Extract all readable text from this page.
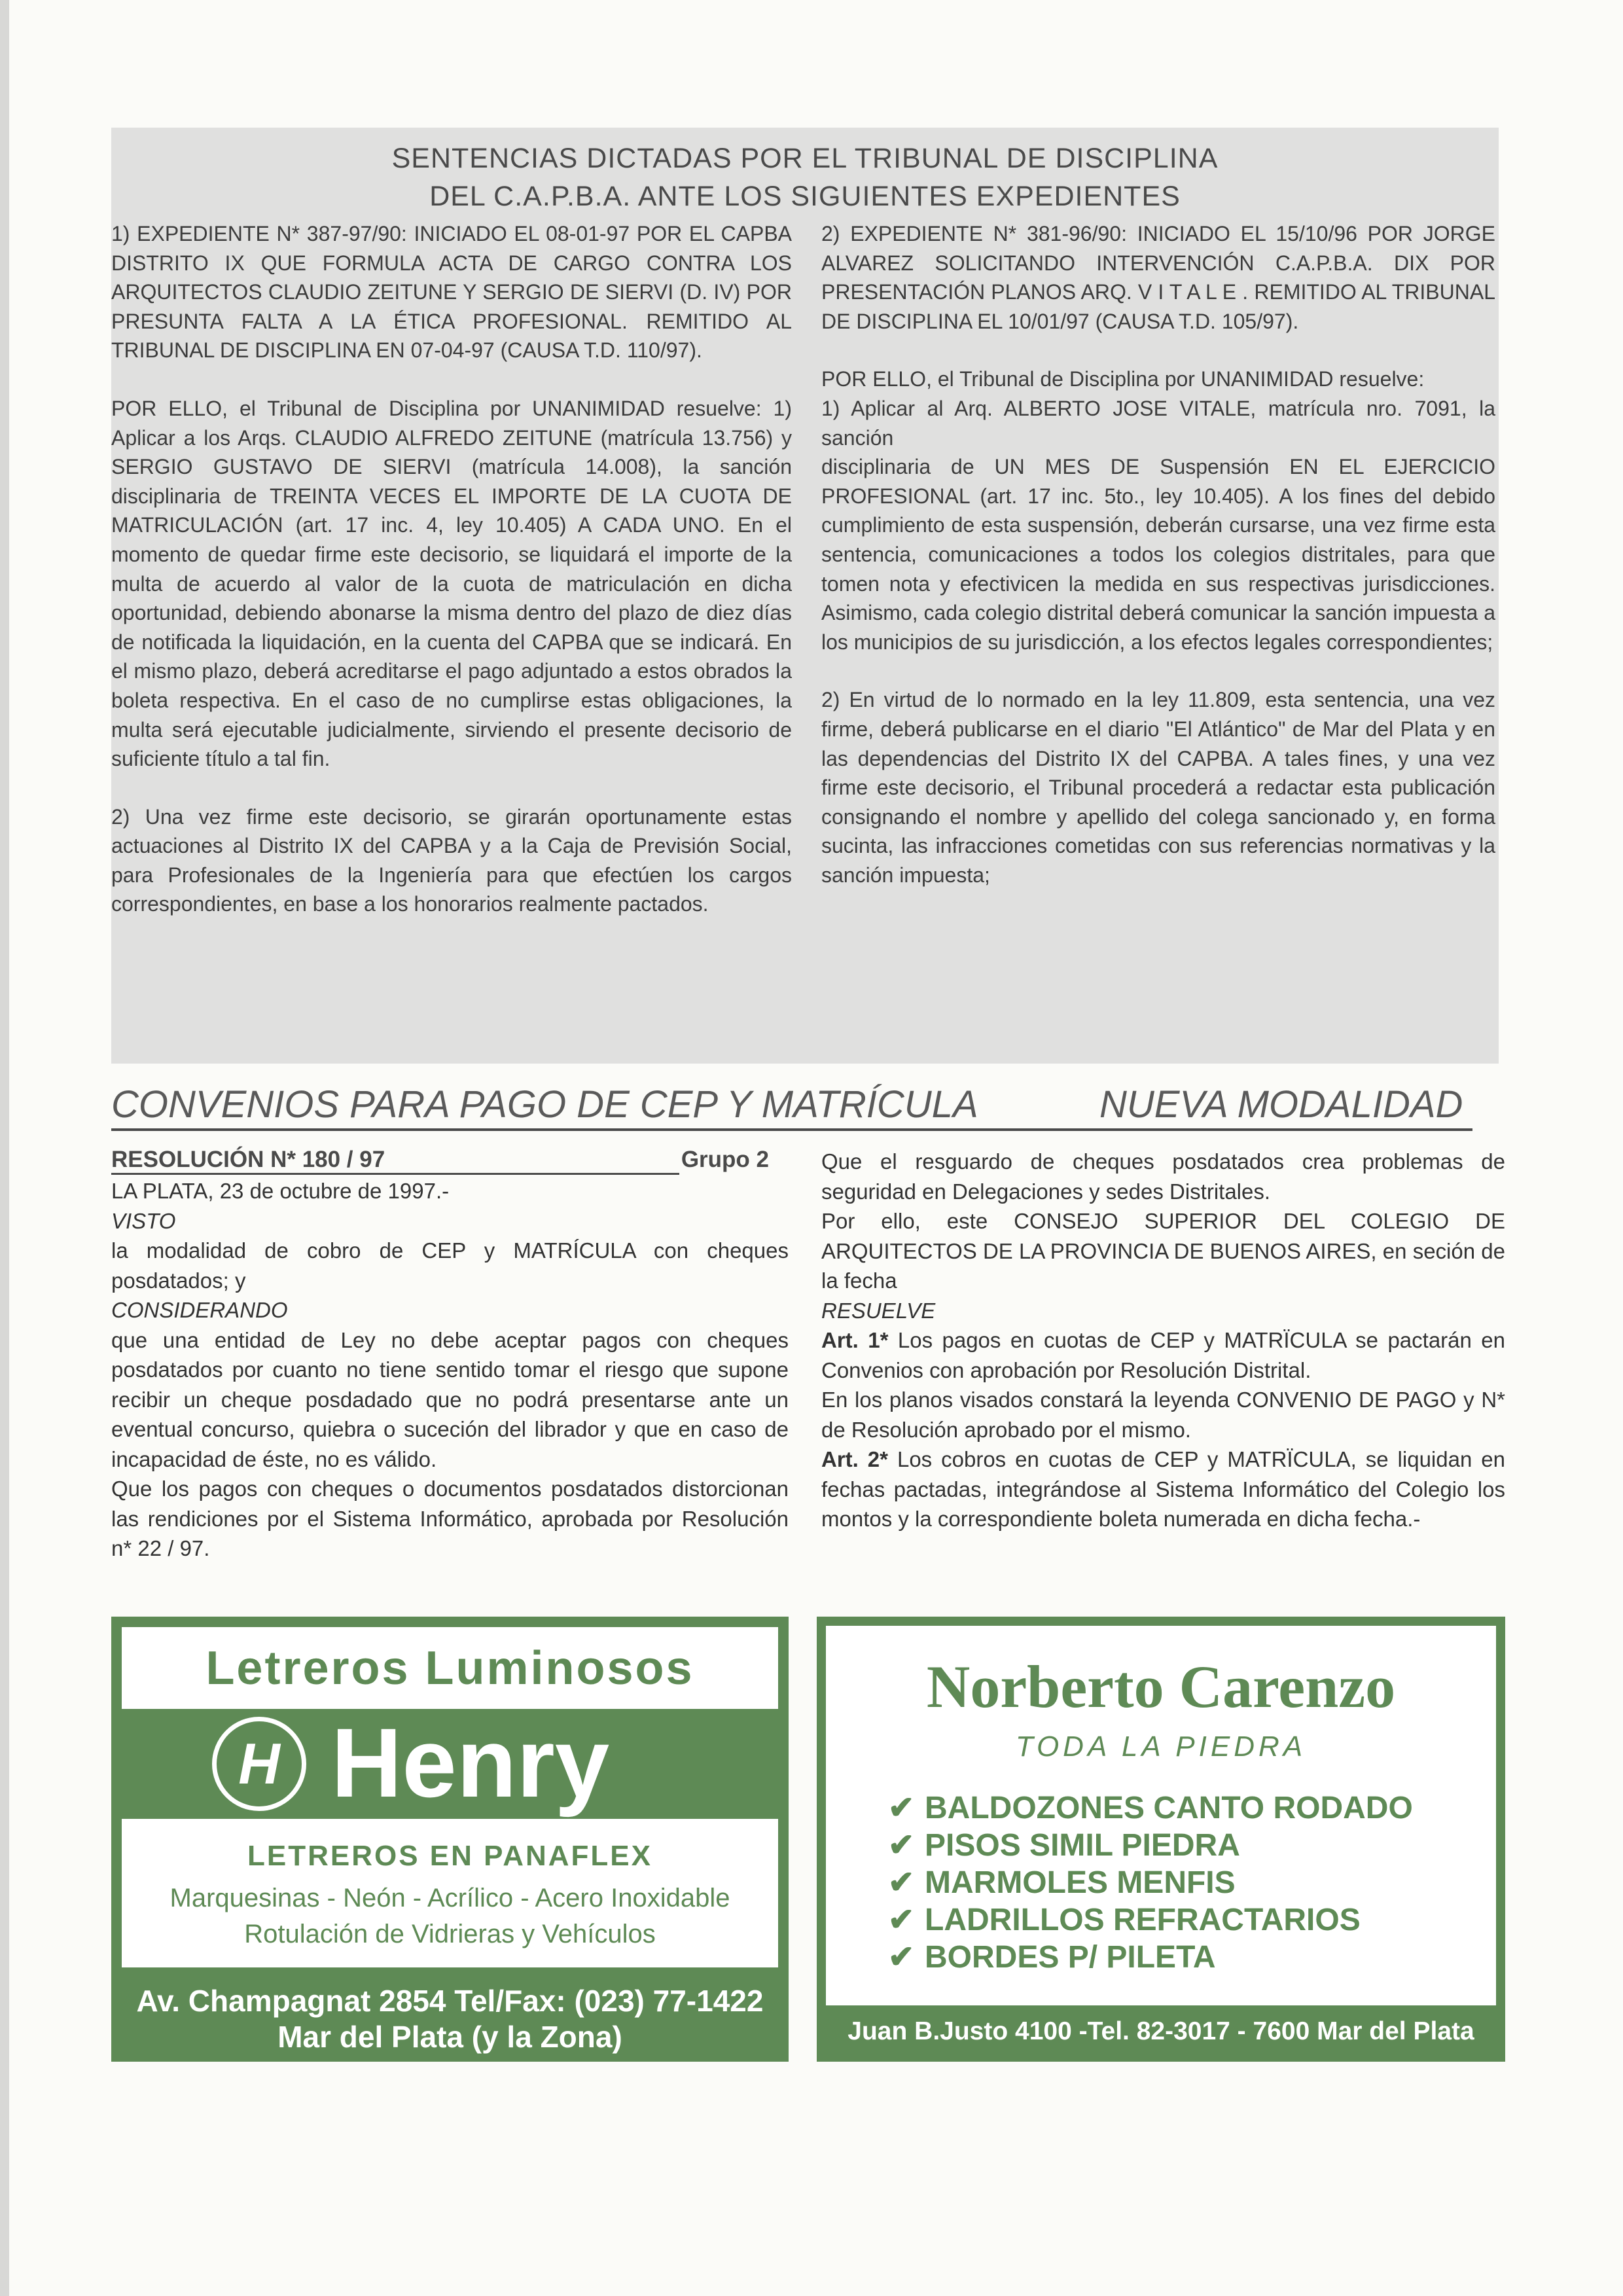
SENTENCIAS DICTADAS POR EL TRIBUNAL DE DISCIPLINA
DEL C.A.P.B.A. ANTE LOS SIGUIENTES EXPEDIENTES

1) EXPEDIENTE N* 387-97/90: INICIADO EL 08-01-97 POR EL CAPBA DISTRITO IX QUE FORMULA ACTA DE CARGO CONTRA LOS ARQUITECTOS CLAUDIO ZEITUNE Y SERGIO DE SIERVI (D. IV) POR PRESUNTA FALTA A LA ÉTICA PROFESIONAL. REMITIDO AL TRIBUNAL DE DISCIPLINA EN 07-04-97 (CAUSA T.D. 110/97).

POR ELLO, el Tribunal de Disciplina por UNANIMIDAD resuelve: 1) Aplicar a los Arqs. CLAUDIO ALFREDO ZEITUNE (matrícula 13.756) y SERGIO GUSTAVO DE SIERVI (matrícula 14.008), la sanción disciplinaria de TREINTA VECES EL IMPORTE DE LA CUOTA DE MATRICULACIÓN (art. 17 inc. 4, ley 10.405) A CADA UNO. En el momento de quedar firme este decisorio, se liquidará el importe de la multa de acuerdo al valor de la cuota de matriculación en dicha oportunidad, debiendo abonarse la misma dentro del plazo de diez días de notificada la liquidación, en la cuenta del CAPBA que se indicará. En el mismo plazo, deberá acreditarse el pago adjuntado a estos obrados la boleta respectiva. En el caso de no cumplirse estas obligaciones, la multa será ejecutable judicialmente, sirviendo el presente decisorio de suficiente título a tal fin.

2) Una vez firme este decisorio, se girarán oportunamente estas actuaciones al Distrito IX del CAPBA y a la Caja de Previsión Social, para Profesionales de la Ingeniería para que efectúen los cargos correspondientes, en base a los honorarios realmente pactados.

2) EXPEDIENTE N* 381-96/90: INICIADO EL 15/10/96 POR JORGE ALVAREZ SOLICITANDO INTERVENCIÓN C.A.P.B.A. DIX POR PRESENTACIÓN PLANOS ARQ. V I T A L E . REMITIDO AL TRIBUNAL DE DISCIPLINA EL 10/01/97 (CAUSA T.D. 105/97).

POR ELLO, el Tribunal de Disciplina por UNANIMIDAD resuelve:

1) Aplicar al Arq. ALBERTO JOSE VITALE, matrícula nro. 7091, la sanción

disciplinaria de UN MES DE Suspensión EN EL EJERCICIO PROFESIONAL (art. 17 inc. 5to., ley 10.405). A los fines del debido cumplimiento de esta suspensión, deberán cursarse, una vez firme esta sentencia, comunicaciones a todos los colegios distritales, para que tomen nota y efectivicen la medida en sus respectivas jurisdicciones. Asimismo, cada colegio distrital deberá comunicar la sanción impuesta a los municipios de su jurisdicción, a los efectos legales correspondientes;

2) En virtud de lo normado en la ley 11.809, esta sentencia, una vez firme, deberá publicarse en el diario "El Atlántico" de Mar del Plata y en las dependencias del Distrito IX del CAPBA. A tales fines, y una vez firme este decisorio, el Tribunal procederá a redactar esta publicación consignando el nombre y apellido del colega sancionado y, en forma sucinta, las infracciones cometidas con sus referencias normativas y la sanción impuesta;

CONVENIOS PARA PAGO DE CEP Y MATRÍCULA	NUEVA MODALIDAD
RESOLUCIÓN N* 180 / 97	Grupo 2
LA PLATA, 23 de octubre de 1997.-
VISTO
la modalidad de cobro de CEP y MATRÍCULA con cheques posdatados; y
CONSIDERANDO
que una entidad de Ley no debe aceptar pagos con cheques posdatados por cuanto no tiene sentido tomar el riesgo que supone recibir un cheque posdadado que no podrá presentarse ante un eventual concurso, quiebra o suceción del librador y que en caso de incapacidad de éste, no es válido.
Que los pagos con cheques o documentos posdatados distorcionan las rendiciones por el Sistema Informático, aprobada por Resolución n* 22 / 97.
Que el resguardo de cheques posdatados crea problemas de seguridad en Delegaciones y sedes Distritales.
Por ello, este CONSEJO SUPERIOR DEL COLEGIO DE ARQUITECTOS DE LA PROVINCIA DE BUENOS AIRES, en seción de la fecha
RESUELVE
Art. 1* Los pagos en cuotas de CEP y MATRÏCULA se pactarán en Convenios con aprobación por Resolución Distrital.
En los planos visados constará la leyenda CONVENIO DE PAGO y N* de Resolución aprobado por el mismo.
Art. 2* Los cobros en cuotas de CEP y MATRÏCULA, se liquidan en fechas pactadas, integrándose al Sistema Informático del Colegio los montos y la correspondiente boleta numerada en dicha fecha.-
Letreros Luminosos
H Henry
LETREROS EN PANAFLEX
Marquesinas - Neón - Acrílico - Acero Inoxidable
Rotulación de Vidrieras y Vehículos
Av. Champagnat 2854 Tel/Fax: (023) 77-1422
Mar del Plata (y la Zona)
Norberto Carenzo
TODA LA PIEDRA
✔ BALDOZONES CANTO RODADO
✔ PISOS SIMIL PIEDRA
✔ MARMOLES MENFIS
✔ LADRILLOS REFRACTARIOS
✔ BORDES P/ PILETA
Juan B.Justo 4100 -Tel. 82-3017 - 7600 Mar del Plata
